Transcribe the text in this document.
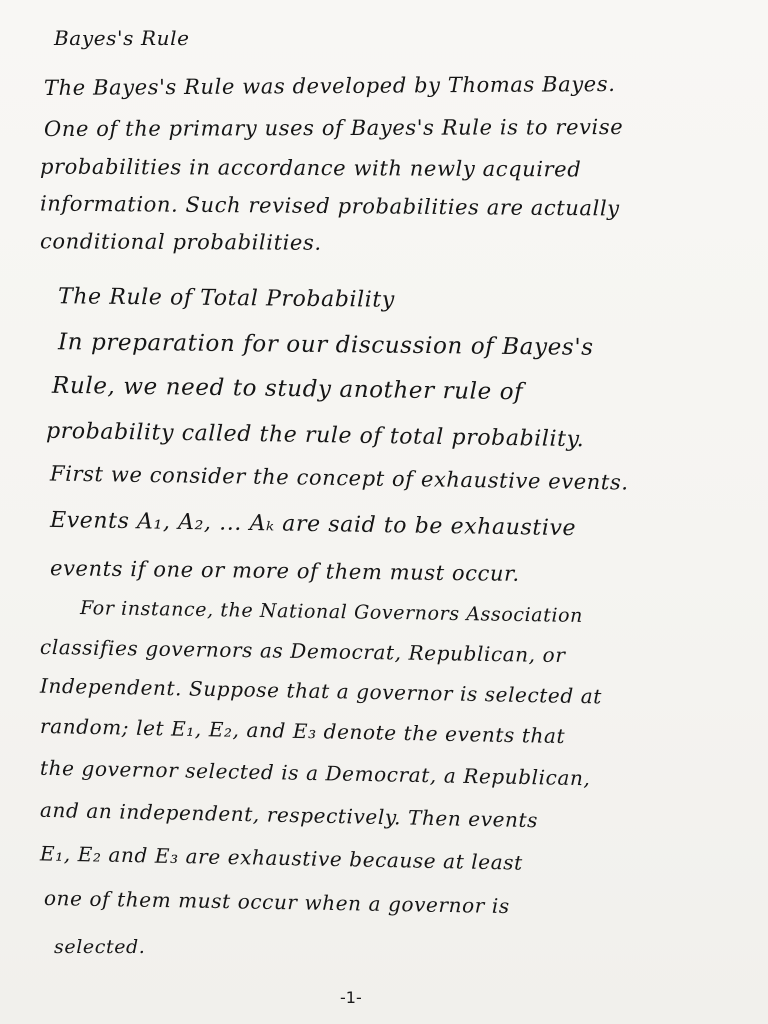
Bayes's Rule
The Bayes's Rule was developed by Thomas Bayes.
One of the primary uses of Bayes's Rule is to revise
probabilities in accordance with newly acquired
information. Such revised probabilities are actually
conditional probabilities.
The Rule of Total Probability
In preparation for our discussion of Bayes's
Rule, we need to study another rule of
probability called the rule of total probability.
First we consider the concept of exhaustive events.
Events A₁, A₂, ... Aₖ are said to be exhaustive
events if one or more of them must occur.
For instance, the National Governors Association
classifies governors as Democrat, Republican, or
Independent. Suppose that a governor is selected at
random; let E₁, E₂, and E₃ denote the events that
the governor selected is a Democrat, a Republican,
and an independent, respectively. Then events
E₁, E₂ and E₃ are exhaustive because at least
one of them must occur when a governor is
selected.
-1-
